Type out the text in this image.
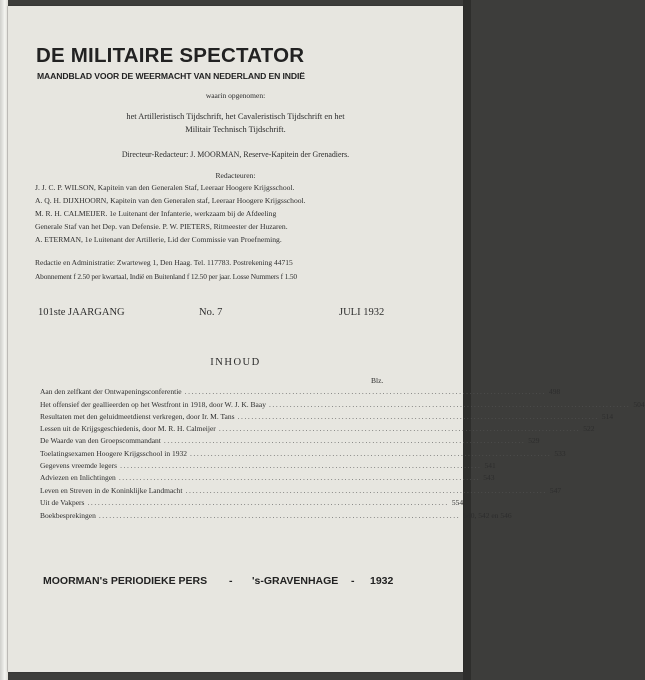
DE MILITAIRE SPECTATOR
MAANDBLAD VOOR DE WEERMACHT VAN NEDERLAND EN INDIË
waarin opgenomen:
het Artilleristisch Tijdschrift, het Cavaleristisch Tijdschrift en het
Militair Technisch Tijdschrift.
Directeur-Redacteur: J. MOORMAN, Reserve-Kapitein der Grenadiers.
Redacteuren:
J. J. C. P. WILSON, Kapitein van den Generalen Staf, Leeraar Hoogere Krijgsschool.
A. Q. H. DIJXHOORN, Kapitein van den Generalen staf, Leeraar Hoogere Krijgsschool.
M. R. H. CALMEIJER. 1e Luitenant der Infanterie, werkzaam bij de Afdeeling
Generale Staf van het Dep. van Defensie. P. W. PIETERS, Ritmeester der Huzaren.
A. ETERMAN, 1e Luitenant der Artillerie, Lid der Commissie van Proefneming.
Redactie en Administratie: Zwarteweg 1, Den Haag. Tel. 117783. Postrekening 44715
Abonnement f 2.50 per kwartaal, Indië en Buitenland f 12.50 per jaar. Losse Nummers f 1.50
101ste JAARGANG	No. 7	JULI 1932
INHOUD
Blz.
Aan den zelfkant der Ontwapeningsconferentie ........................................................................................................ 498
Het offensief der geallieerden op het Westfront in 1918, door W. J. K. Baay ........................................................................................................ 504
Resultaten met den geluidmeetdienst verkregen, door Ir. M. Tans ........................................................................................................ 514
Lessen uit de Krijgsgeschiedenis, door M. R. H. Calmeijer ........................................................................................................ 522
De Waarde van den Groepscommandant ........................................................................................................ 529
Toelatingsexamen Hoogere Krijgsschool in 1932 ........................................................................................................ 533
Gegevens vreemde legers ........................................................................................................ 541
Adviezen en Inlichtingen ........................................................................................................ 543
Leven en Streven in de Koninklijke Landmacht ........................................................................................................ 547
Uit de Vakpers ........................................................................................................ 554
Boekbesprekingen ........................................................................................................ 540, 542 en 546
MOORMAN's PERIODIEKE PERS - 's-GRAVENHAGE - 1932
